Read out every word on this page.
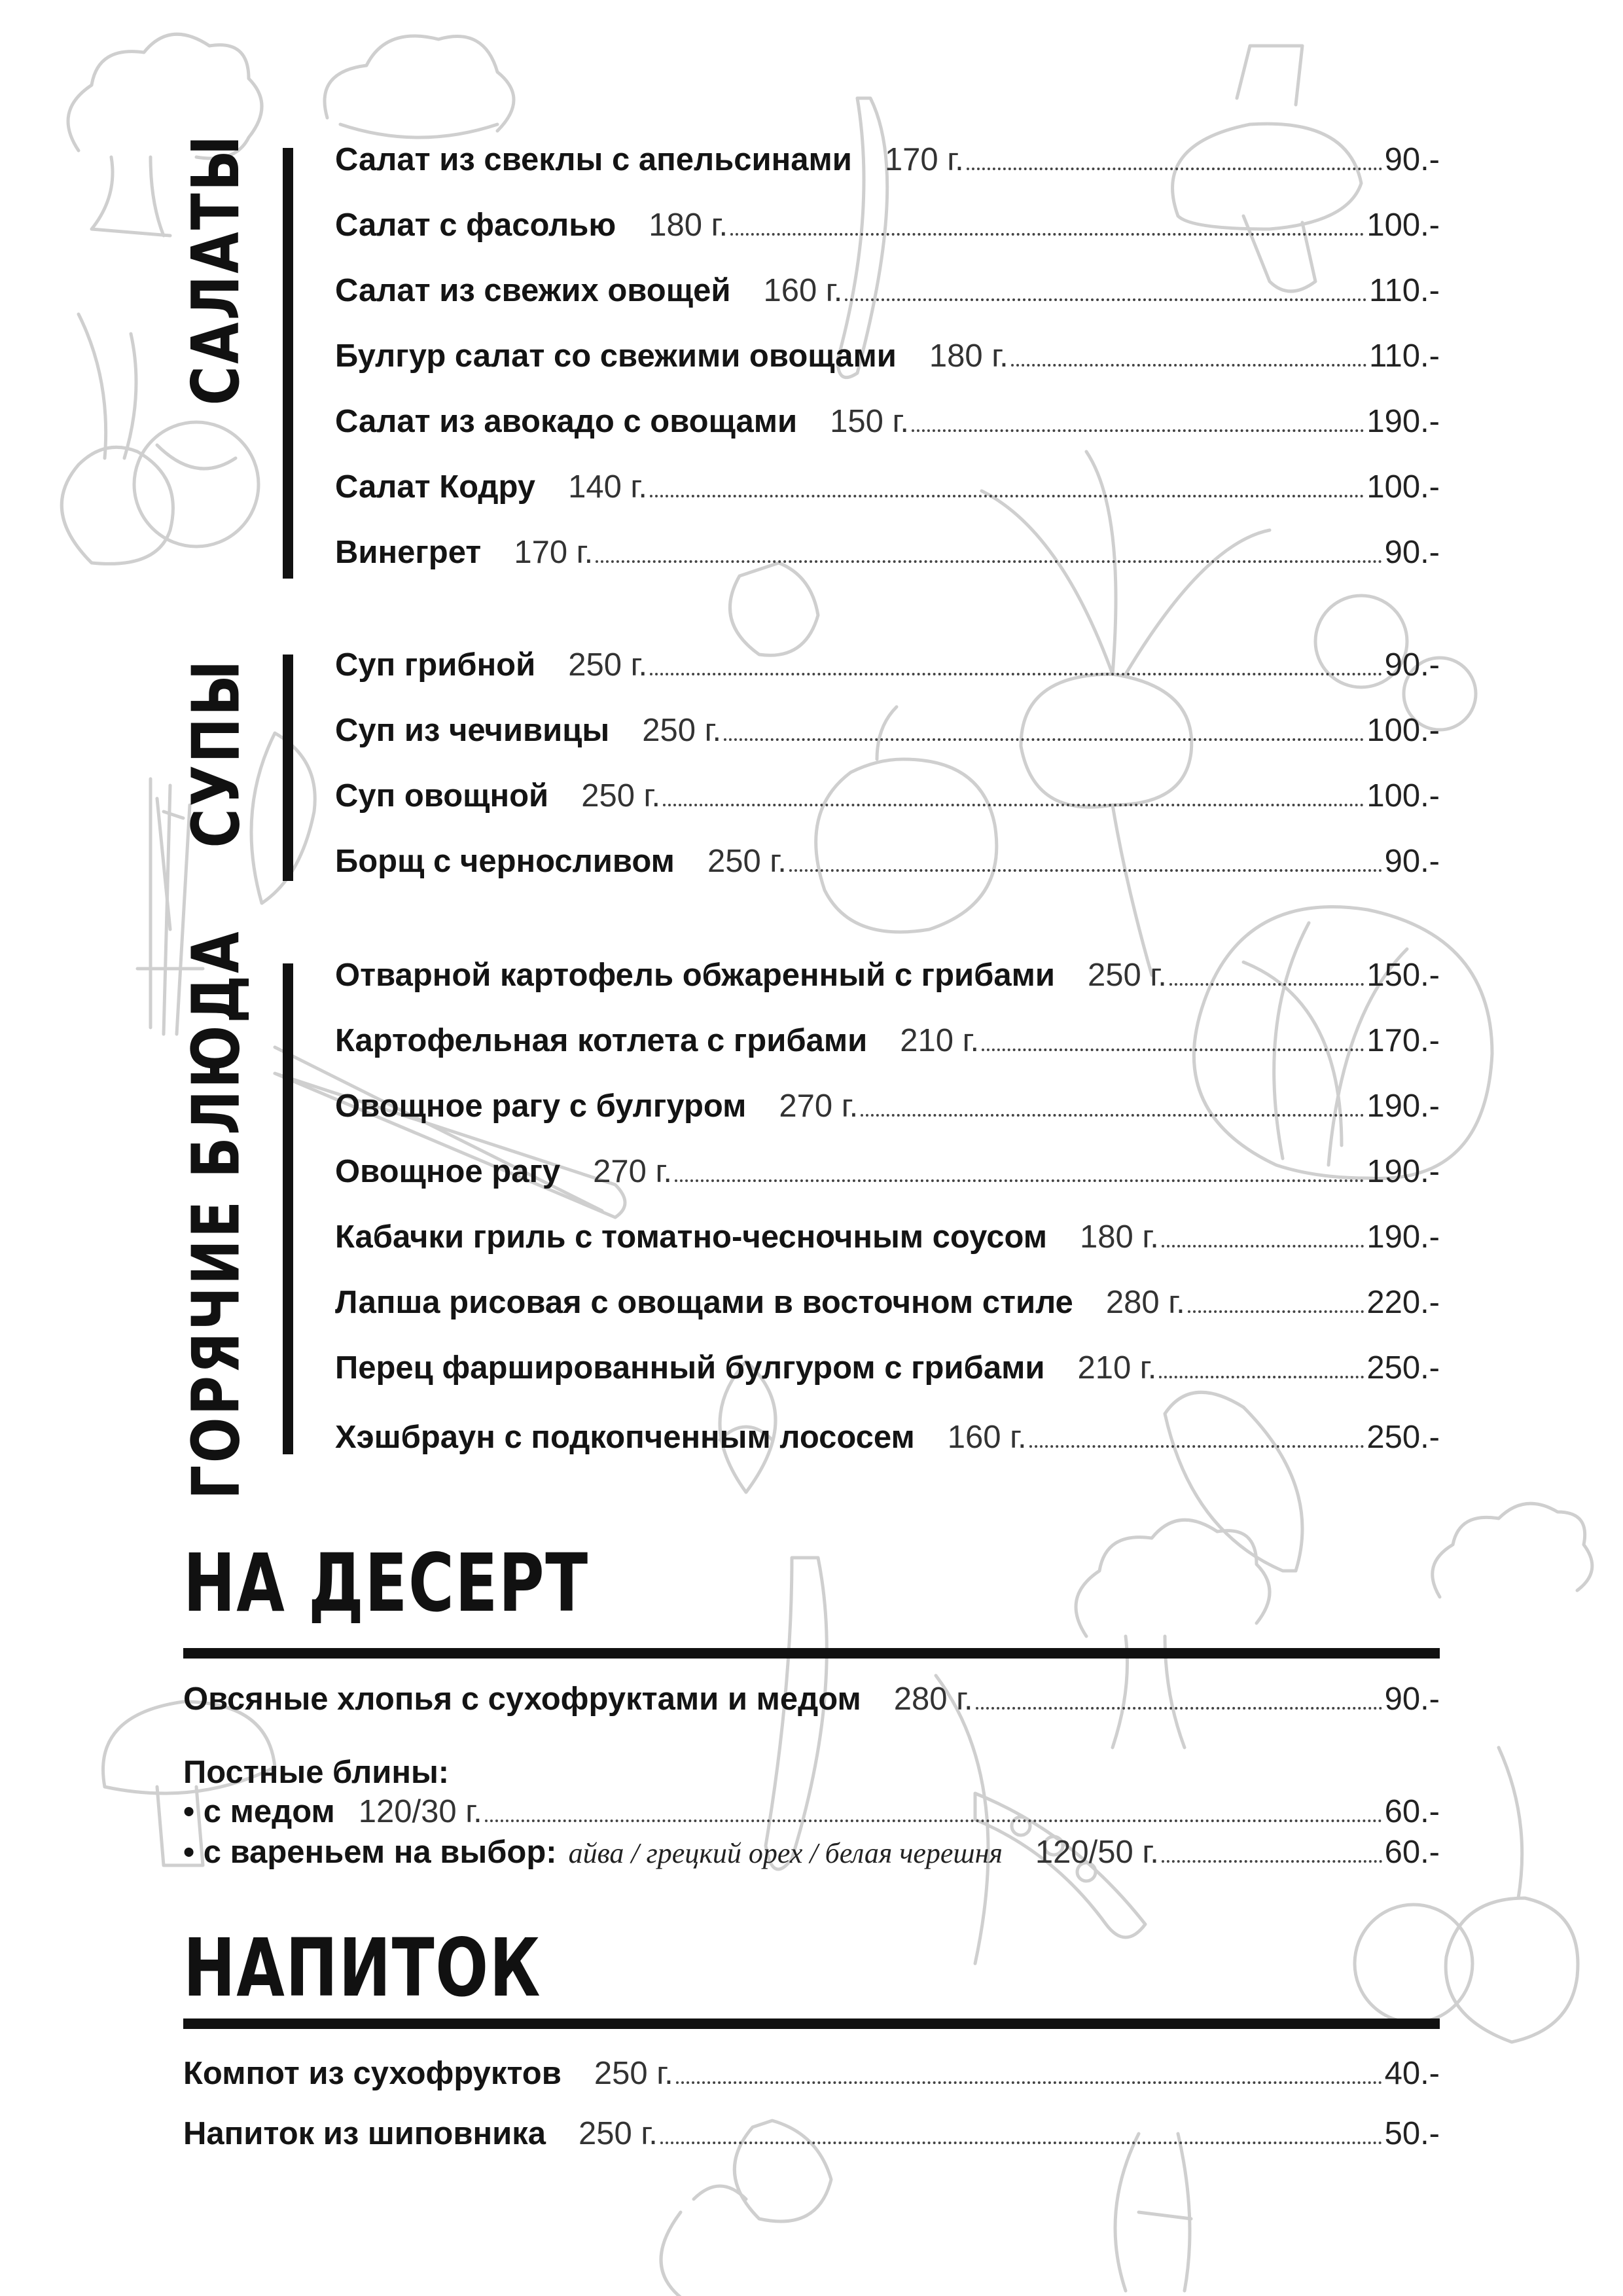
САЛАТЫ	Салат из свеклы с апельсинами 170 г.	90.-
Салат с фасолью 180 г.	100.-
Салат из свежих овощей 160 г.	110.-
Булгур салат со свежими овощами 180 г.	110.-
Салат из авокадо с овощами 150 г.	190.-
Салат Кодру 140 г.	100.-
Винегрет 170 г.	90.-
СУПЫ	Суп грибной 250 г.	90.-
Суп из чечивицы 250 г.	100.-
Суп овощной 250 г.	100.-
Борщ с черносливом 250 г.	90.-
ГОРЯЧИЕ БЛЮДА	Отварной картофель обжаренный с грибами 250 г.	150.-
Картофельная котлета с грибами 210 г.	170.-
Овощное рагу с булгуром 270 г.	190.-
Овощное рагу 270 г.	190.-
Кабачки гриль с томатно-чесночным соусом 180 г.	190.-
Лапша рисовая с овощами в восточном стиле 280 г.	220.-
Перец фаршированный булгуром с грибами 210 г.	250.-
Хэшбраун с подкопченным лососем 160 г.	250.-
НА ДЕСЕРТ
Овсяные хлопья с сухофруктами и медом 280 г.	90.-
Постные блины:
• с медом 120/30 г.	60.-
• с вареньем на выбор: айва / грецкий орех / белая черешня 120/50 г.	60.-
НАПИТОК
Компот из сухофруктов 250 г.	40.-
Напиток из шиповника 250 г.	50.-
